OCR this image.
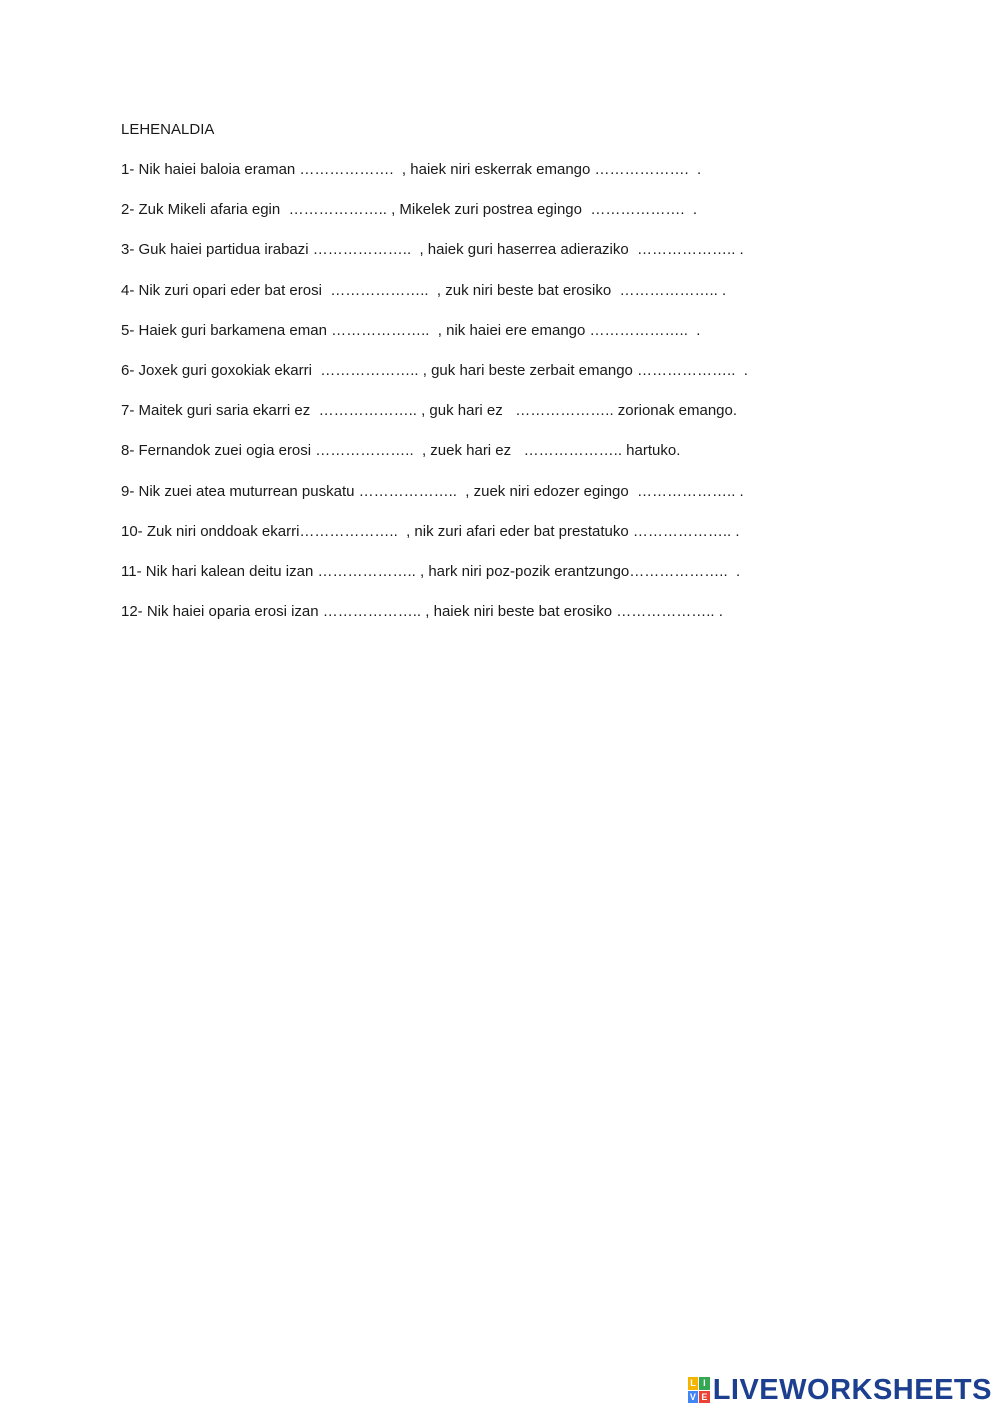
LEHENALDIA
1- Nik haiei baloia eraman ……………….  , haiek niri eskerrak emango ……………….  .
2- Zuk Mikeli afaria egin  ……………….. , Mikelek zuri postrea egingo  ……………….  .
3- Guk haiei partidua irabazi ………………..  , haiek guri haserrea adieraziko  ……………….. .
4- Nik zuri opari eder bat erosi  ………………..  , zuk niri beste bat erosiko  ……………….. .
5- Haiek guri barkamena eman ………………..  , nik haiei ere emango ………………..  .
6- Joxek guri goxokiak ekarri  ……………….. , guk hari beste zerbait emango ………………..  .
7- Maitek guri saria ekarri ez  ……………….. , guk hari ez   ……………….. zorionak emango.
8- Fernandok zuei ogia erosi ………………..  , zuek hari ez   ……………….. hartuko.
9- Nik zuei atea muturrean puskatu ………………..  , zuek niri edozer egingo  ……………….. .
10- Zuk niri onddoak ekarri………………..  , nik zuri afari eder bat prestatuko ……………….. .
11- Nik hari kalean deitu izan ……………….. , hark niri poz-pozik erantzungo………………..  .
12- Nik haiei oparia erosi izan ……………….. , haiek niri beste bat erosiko ……………….. .
L I
V E LIVEWORKSHEETS
